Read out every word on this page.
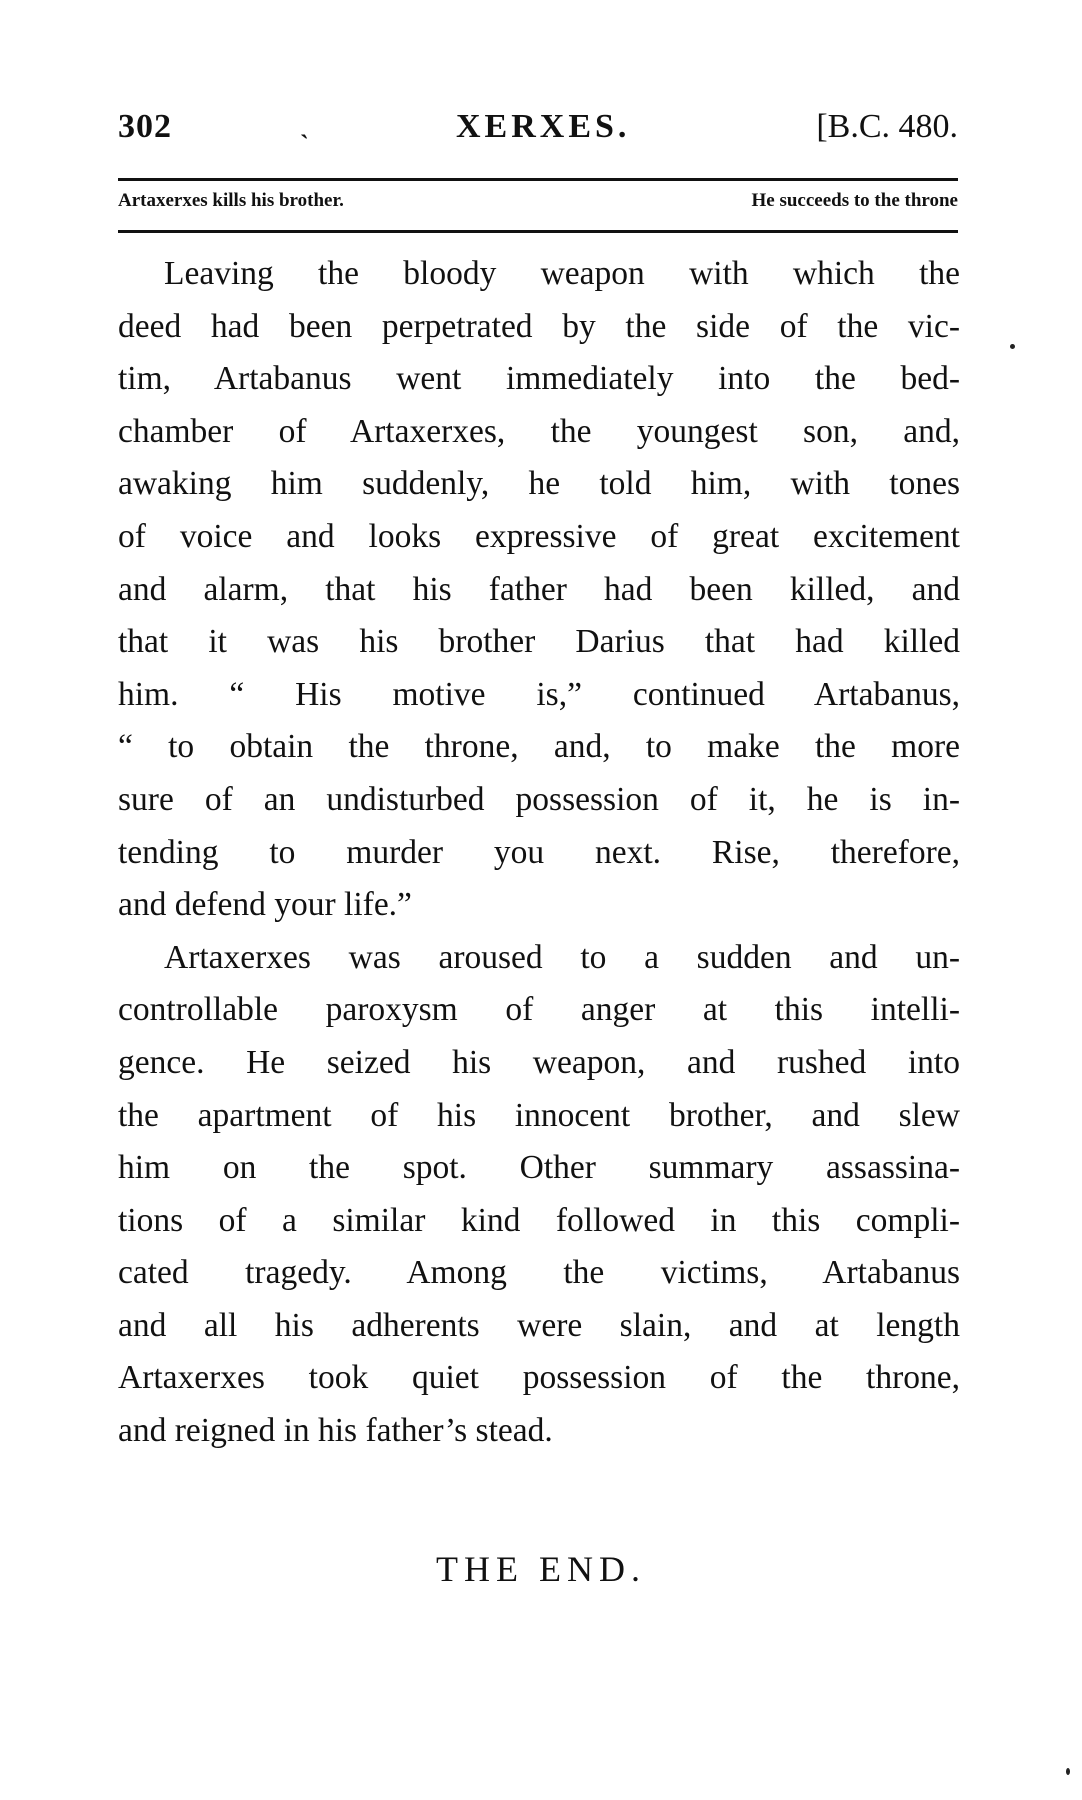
302	ˎ	XERXES.	[B.C. 480.
Artaxerxes kills his brother.	He succeeds to the throne

Leaving the bloody weapon with which the
deed had been perpetrated by the side of the vic-
tim, Artabanus went immediately into the bed-
chamber of Artaxerxes, the youngest son, and,
awaking him suddenly, he told him, with tones
of voice and looks expressive of great excitement
and alarm, that his father had been killed, and
that it was his brother Darius that had killed
him. “ His motive is,” continued Artabanus,
“ to obtain the throne, and, to make the more
sure of an undisturbed possession of it, he is in-
tending to murder you next. Rise, therefore,
and defend your life.”

Artaxerxes was aroused to a sudden and un-
controllable paroxysm of anger at this intelli-
gence. He seized his weapon, and rushed into
the apartment of his innocent brother, and slew
him on the spot. Other summary assassina-
tions of a similar kind followed in this compli-
cated tragedy. Among the victims, Artabanus
and all his adherents were slain, and at length
Artaxerxes took quiet possession of the throne,
and reigned in his father’s stead.

THE END.
